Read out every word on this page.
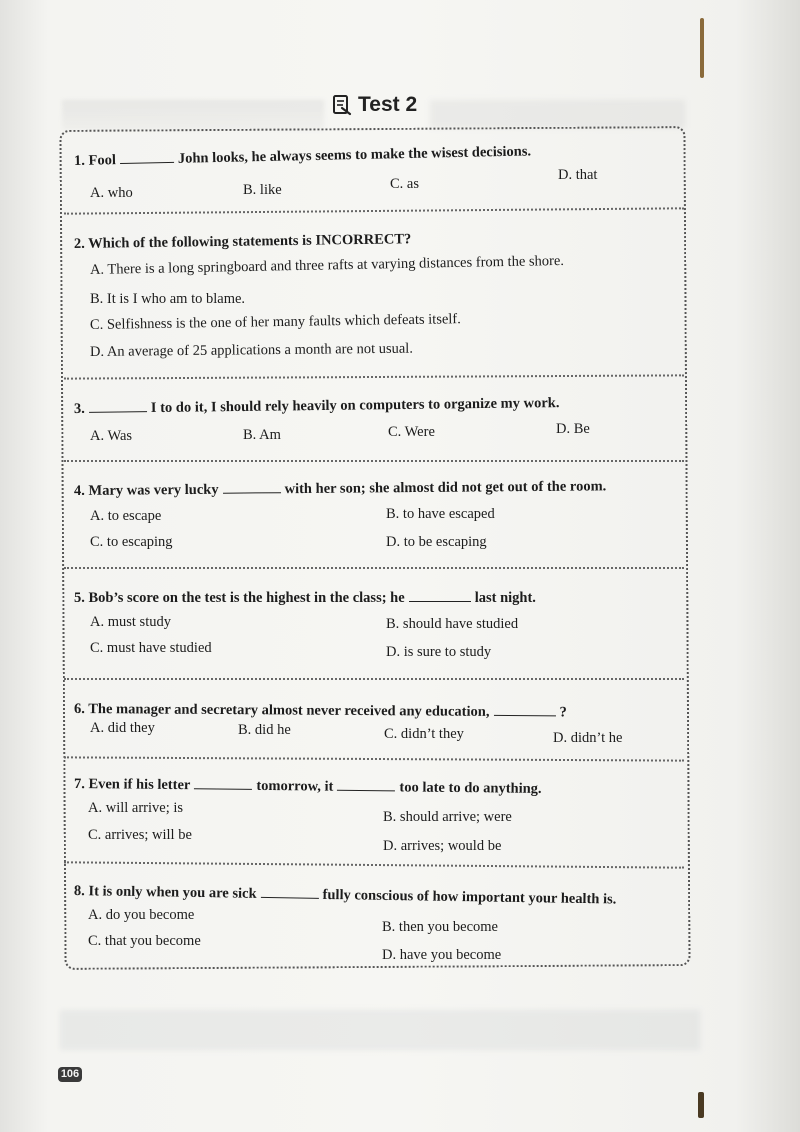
Test 2
1. Fool	John looks, he always seems to make the wisest decisions.
A. who	B. like	C. as
D. that
2. Which of the following statements is INCORRECT?
A. There is a long springboard and three rafts at varying distances from the shore.
B. It is I who am to blame.
C. Selfishness is the one of her many faults which defeats itself.
D. An average of 25 applications a month are not usual.
3.	I to do it, I should rely heavily on computers to organize my work.
A. Was	B. Am	C. Were	D. Be
4. Mary was very lucky	with her son; she almost did not get out of the room.
A. to escape	B. to have escaped
C. to escaping	D. to be escaping
5. Bob’s score on the test is the highest in the class; he	last night.
A. must study	B. should have studied
C. must have studied	D. is sure to study
6. The manager and secretary almost never received any education,	?
A. did they	B. did he	C. didn’t they	D. didn’t he
7. Even if his letter	tomorrow, it	too late to do anything.
A. will arrive; is
B. should arrive; were
C. arrives; will be
D. arrives; would be
8. It is only when you are sick	fully conscious of how important your health is.
A. do you become
B. then you become
C. that you become
D. have you become
106
